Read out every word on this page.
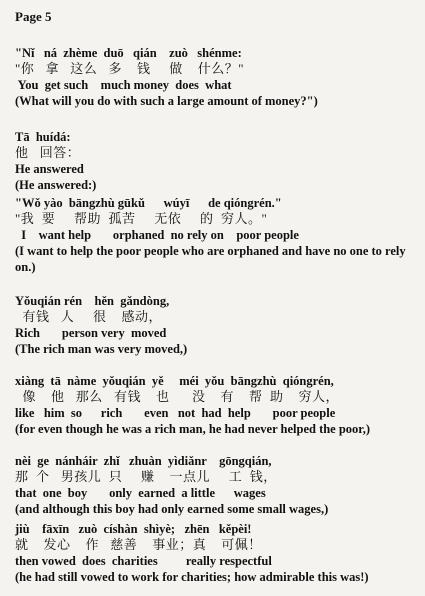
Page 5
"Nǐ   ná  zhème  duō   qián    zuò   shénme:
"你   拿   这么   多    钱     做    什么？"
You  get such    much money  does  what
(What will you do with such a large amount of money?")
Tā  huídá:
他   回答：
He answered
(He answered:)
"Wǒ yào  bāngzhù gūkǔ      wúyī      de qióngrén."
"我  要     帮助  孤苦     无依     的  穷人。"
I    want help       orphaned  no rely on    poor people
(I want to help the poor people who are orphaned and have no one to rely on.)
Yǒuqián rén    hěn  gǎndòng,
有钱   人     很    感动，
Rich       person very  moved
(The rich man was very moved,)
xiàng  tā  nàme  yǒuqián  yě     méi  yǒu  bāngzhù  qióngrén,
像    他   那么   有钱    也      没    有    帮  助    穷人，
like   him  so      rich       even   not  had  help       poor people
(for even though he was a rich man, he had never helped the poor,)
nèi  ge  nánháir  zhǐ   zhuàn  yìdiǎnr    gōngqián,
那  个   男孩儿  只     赚    一点儿     工  钱，
that  one  boy       only  earned  a little      wages
(and although this boy had only earned some small wages,)
jiù    fāxīn   zuò  císhàn  shìyè;   zhēn   kěpèi!
就    发心    作   慈善    事业；真    可佩！
then vowed  does  charities         really respectful
(he had still vowed to work for charities; how admirable this was!)
